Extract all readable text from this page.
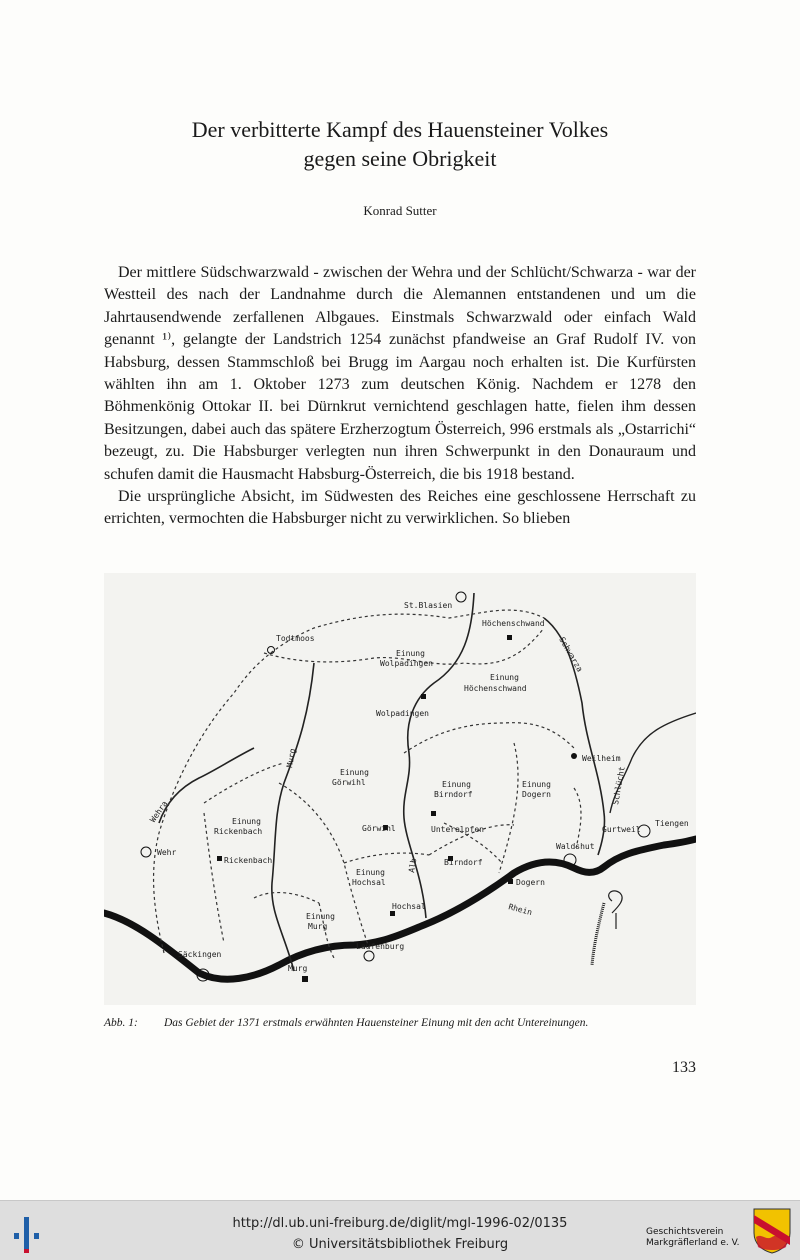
Der verbitterte Kampf des Hauensteiner Volkes
gegen seine Obrigkeit
Konrad Sutter

Der mittlere Südschwarzwald - zwischen der Wehra und der Schlücht/Schwarza - war der Westteil des nach der Landnahme durch die Alemannen entstandenen und um die Jahrtausendwende zerfallenen Albgaues. Einstmals Schwarzwald oder einfach Wald genannt ¹⁾, gelangte der Landstrich 1254 zunächst pfandweise an Graf Rudolf IV. von Habsburg, dessen Stammschloß bei Brugg im Aargau noch erhalten ist. Die Kurfürsten wählten ihn am 1. Oktober 1273 zum deutschen König. Nachdem er 1278 den Böhmenkönig Ottokar II. bei Dürnkrut vernichtend geschlagen hatte, fielen ihm dessen Besitzungen, dabei auch das spätere Erzherzogtum Österreich, 996 erstmals als „Ostarrichi“ bezeugt, zu. Die Habsburger verlegten nun ihren Schwerpunkt in den Donauraum und schufen damit die Hausmacht Habsburg-Österreich, die bis 1918 bestand.

Die ursprüngliche Absicht, im Südwesten des Reiches eine geschlossene Herrschaft zu errichten, vermochten die Habsburger nicht zu verwirklichen. So blieben

St.Blasien
Todtmoos
Höchenschwand
Schwarza
Einung
Wolpadingen
Einung
Höchenschwand
Wolpadingen
Murg
Einung
Görwihl
Weilheim
Wehra
Einung
Birndorf
Einung
Dogern	Schlücht
Einung
Rickenbach	Görwihl	Unteralpfen
Tiengen
Gurtweil
Waldshut
Wehr
Rickenbach	Alb
Einung
Hochsal
Birndorf
Dogern
Rhein
Hochsal
Einung
Murg
Laufenburg
Säckingen
Murg
Abb. 1: Das Gebiet der 1371 erstmals erwähnten Hauensteiner Einung mit den acht Untereinungen.
133
http://dl.ub.uni-freiburg.de/diglit/mgl-1996-02/0135
© Universitätsbibliothek Freiburg
Geschichtsverein
Markgräflerland e. V.
